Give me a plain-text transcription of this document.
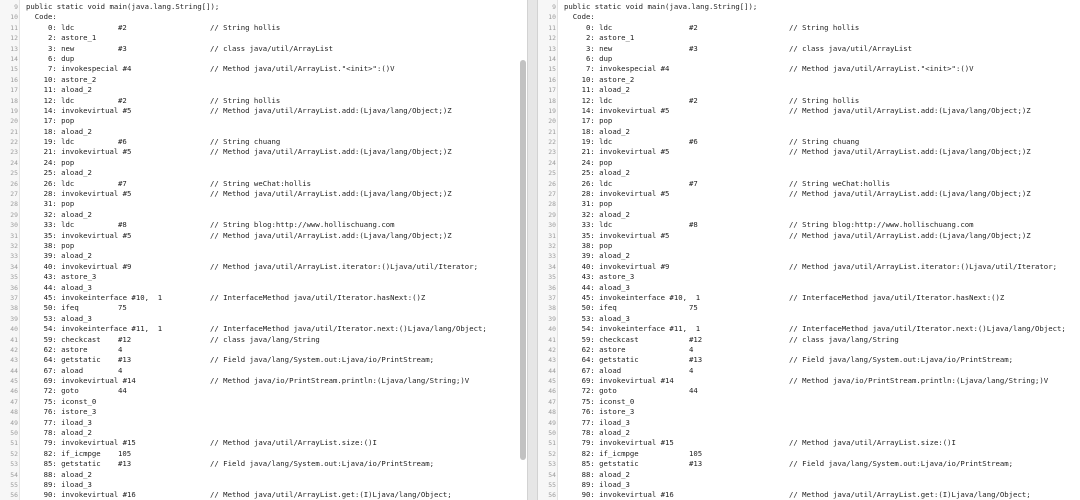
9 public static void main(java.lang.String[]);
10 Code:
11 0: ldc	#2	// String hollis
12 2: astore_1
13 3: new	#3	// class java/util/ArrayList
14 6: dup
15 7: invokespecial #4	// Method java/util/ArrayList."<init>":()V
16 10: astore_2
17 11: aload_2
18 12: ldc	#2	// String hollis
19 14: invokevirtual #5	// Method java/util/ArrayList.add:(Ljava/lang/Object;)Z
20 17: pop
21 18: aload_2
22 19: ldc	#6	// String chuang
23 21: invokevirtual #5	// Method java/util/ArrayList.add:(Ljava/lang/Object;)Z
24 24: pop
25 25: aload_2
26 26: ldc	#7	// String weChat:hollis
27 28: invokevirtual #5	// Method java/util/ArrayList.add:(Ljava/lang/Object;)Z
28 31: pop
29 32: aload_2
30 33: ldc	#8	// String blog:http://www.hollischuang.com
31 35: invokevirtual #5	// Method java/util/ArrayList.add:(Ljava/lang/Object;)Z
32 38: pop
33 39: aload_2
34 40: invokevirtual #9	// Method java/util/ArrayList.iterator:()Ljava/util/Iterator;
35 43: astore_3
36 44: aload_3
37 45: invokeinterface #10,  1	// InterfaceMethod java/util/Iterator.hasNext:()Z
38 50: ifeq	75
39 53: aload_3
40 54: invokeinterface #11,  1	// InterfaceMethod java/util/Iterator.next:()Ljava/lang/Object;
41 59: checkcast #12	// class java/lang/String
42 62: astore	4
43 64: getstatic #13	// Field java/lang/System.out:Ljava/io/PrintStream;
44 67: aload	4
45 69: invokevirtual #14	// Method java/io/PrintStream.println:(Ljava/lang/String;)V
46 72: goto	44
47 75: iconst_0
48 76: istore_3
49 77: iload_3
50 78: aload_2
51 79: invokevirtual #15	// Method java/util/ArrayList.size:()I
52 82: if_icmpge 105
53 85: getstatic #13	// Field java/lang/System.out:Ljava/io/PrintStream;
54 88: aload_2
55 89: iload_3
56 90: invokevirtual #16	// Method java/util/ArrayList.get:(I)Ljava/lang/Object;
9 public static void main(java.lang.String[]);
10 Code:
11 0: ldc	#2	// String hollis
12 2: astore_1
13 3: new	#3	// class java/util/ArrayList
14 6: dup
15 7: invokespecial #4	// Method java/util/ArrayList."<init>":()V
16 10: astore_2
17 11: aload_2
18 12: ldc	#2	// String hollis
19 14: invokevirtual #5	// Method java/util/ArrayList.add:(Ljava/lang/Object;)Z
20 17: pop
21 18: aload_2
22 19: ldc	#6	// String chuang
23 21: invokevirtual #5	// Method java/util/ArrayList.add:(Ljava/lang/Object;)Z
24 24: pop
25 25: aload_2
26 26: ldc	#7	// String weChat:hollis
27 28: invokevirtual #5	// Method java/util/ArrayList.add:(Ljava/lang/Object;)Z
28 31: pop
29 32: aload_2
30 33: ldc	#8	// String blog:http://www.hollischuang.com
31 35: invokevirtual #5	// Method java/util/ArrayList.add:(Ljava/lang/Object;)Z
32 38: pop
33 39: aload_2
34 40: invokevirtual #9	// Method java/util/ArrayList.iterator:()Ljava/util/Iterator;
35 43: astore_3
36 44: aload_3
37 45: invokeinterface #10,  1	// InterfaceMethod java/util/Iterator.hasNext:()Z
38 50: ifeq	75
39 53: aload_3
40 54: invokeinterface #11,  1	// InterfaceMethod java/util/Iterator.next:()Ljava/lang/Object;
41 59: checkcast	#12	// class java/lang/String
42 62: astore	4
43 64: getstatic	#13	// Field java/lang/System.out:Ljava/io/PrintStream;
44 67: aload	4
45 69: invokevirtual #14	// Method java/io/PrintStream.println:(Ljava/lang/String;)V
46 72: goto	44
47 75: iconst_0
48 76: istore_3
49 77: iload_3
50 78: aload_2
51 79: invokevirtual #15	// Method java/util/ArrayList.size:()I
52 82: if_icmpge	105
53 85: getstatic	#13	// Field java/lang/System.out:Ljava/io/PrintStream;
54 88: aload_2
55 89: iload_3
56 90: invokevirtual #16	// Method java/util/ArrayList.get:(I)Ljava/lang/Object;
